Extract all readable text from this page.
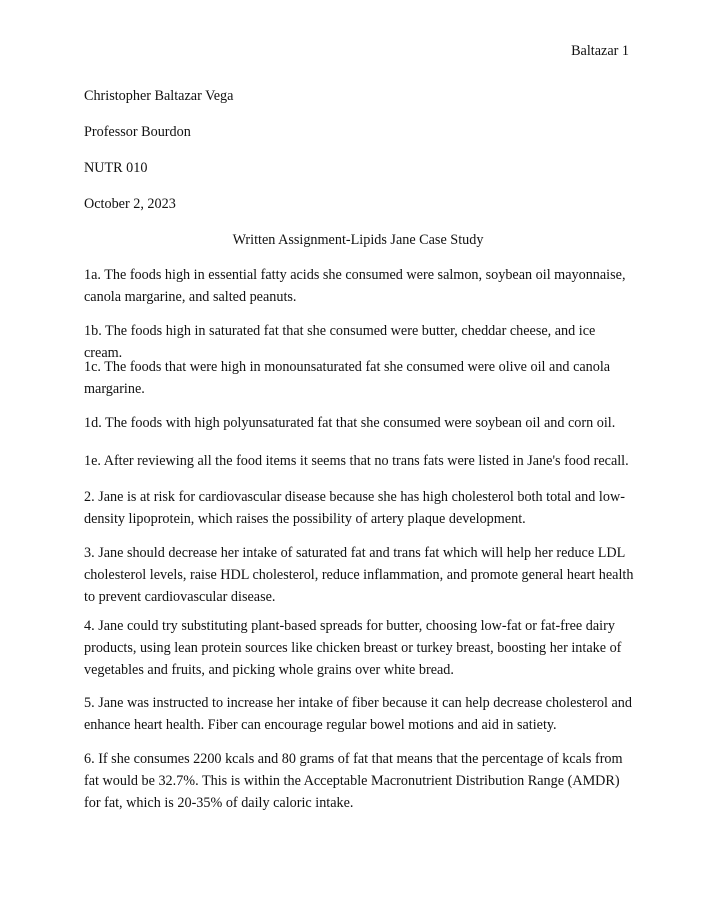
Baltazar 1

Christopher Baltazar Vega

Professor Bourdon

NUTR 010

October 2, 2023

Written Assignment-Lipids Jane Case Study

1a. The foods high in essential fatty acids she consumed were salmon, soybean oil mayonnaise, canola margarine, and salted peanuts.

1b. The foods high in saturated fat that she consumed were butter, cheddar cheese, and ice cream.

1c. The foods that were high in monounsaturated fat she consumed were olive oil and canola margarine.

1d. The foods with high polyunsaturated fat that she consumed were soybean oil and corn oil.

1e. After reviewing all the food items it seems that no trans fats were listed in Jane's food recall.

2. Jane is at risk for cardiovascular disease because she has high cholesterol both total and low-density lipoprotein, which raises the possibility of artery plaque development.

3. Jane should decrease her intake of saturated fat and trans fat which will help her reduce LDL cholesterol levels, raise HDL cholesterol, reduce inflammation, and promote general heart health to prevent cardiovascular disease.

4. Jane could try substituting plant-based spreads for butter, choosing low-fat or fat-free dairy products, using lean protein sources like chicken breast or turkey breast, boosting her intake of vegetables and fruits, and picking whole grains over white bread.

5. Jane was instructed to increase her intake of fiber because it can help decrease cholesterol and enhance heart health. Fiber can encourage regular bowel motions and aid in satiety.

6. If she consumes 2200 kcals and 80 grams of fat that means that the percentage of kcals from fat would be 32.7%. This is within the Acceptable Macronutrient Distribution Range (AMDR) for fat, which is 20-35% of daily caloric intake.
